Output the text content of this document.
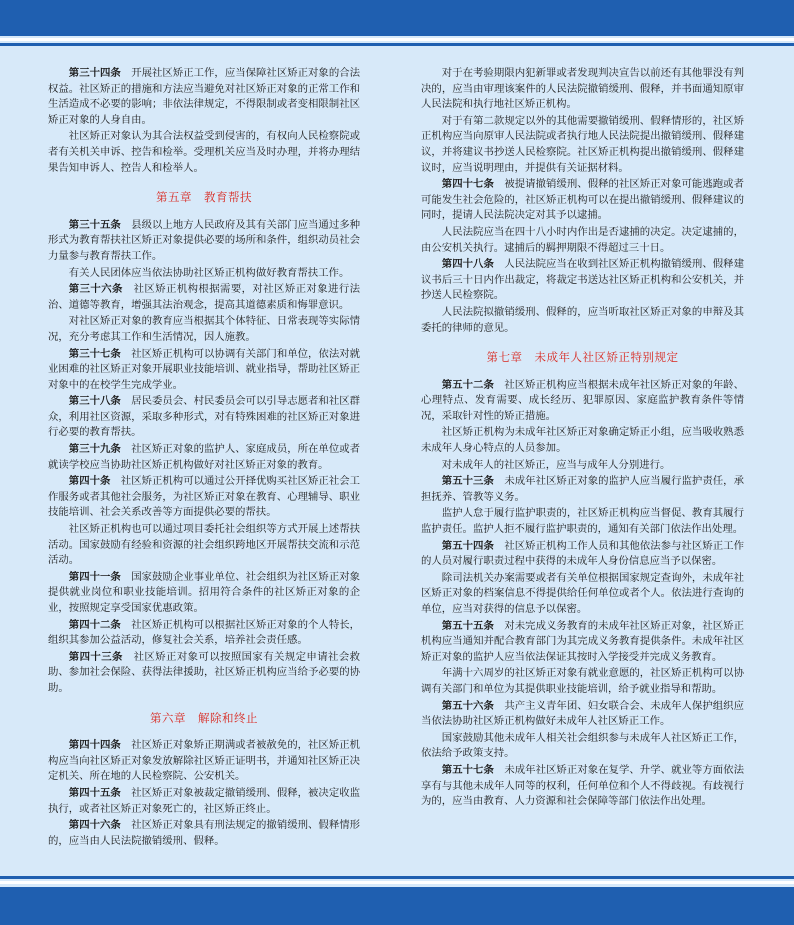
第三十四条　开展社区矫正工作，应当保障社区矫正对象的合法权益。社区矫正的措施和方法应当避免对社区矫正对象的正常工作和生活造成不必要的影响；非依法律规定，不得限制或者变相限制社区矫正对象的人身自由。

社区矫正对象认为其合法权益受到侵害的，有权向人民检察院或者有关机关申诉、控告和检举。受理机关应当及时办理，并将办理结果告知申诉人、控告人和检举人。

第五章　教育帮扶

第三十五条　县级以上地方人民政府及其有关部门应当通过多种形式为教育帮扶社区矫正对象提供必要的场所和条件，组织动员社会力量参与教育帮扶工作。

有关人民团体应当依法协助社区矫正机构做好教育帮扶工作。

第三十六条　社区矫正机构根据需要，对社区矫正对象进行法治、道德等教育，增强其法治观念，提高其道德素质和悔罪意识。

对社区矫正对象的教育应当根据其个体特征、日常表现等实际情况，充分考虑其工作和生活情况，因人施教。

第三十七条　社区矫正机构可以协调有关部门和单位，依法对就业困难的社区矫正对象开展职业技能培训、就业指导，帮助社区矫正对象中的在校学生完成学业。

第三十八条　居民委员会、村民委员会可以引导志愿者和社区群众，利用社区资源，采取多种形式，对有特殊困难的社区矫正对象进行必要的教育帮扶。

第三十九条　社区矫正对象的监护人、家庭成员，所在单位或者就读学校应当协助社区矫正机构做好对社区矫正对象的教育。

第四十条　社区矫正机构可以通过公开择优购买社区矫正社会工作服务或者其他社会服务，为社区矫正对象在教育、心理辅导、职业技能培训、社会关系改善等方面提供必要的帮扶。

社区矫正机构也可以通过项目委托社会组织等方式开展上述帮扶活动。国家鼓励有经验和资源的社会组织跨地区开展帮扶交流和示范活动。

第四十一条　国家鼓励企业事业单位、社会组织为社区矫正对象提供就业岗位和职业技能培训。招用符合条件的社区矫正对象的企业，按照规定享受国家优惠政策。

第四十二条　社区矫正机构可以根据社区矫正对象的个人特长，组织其参加公益活动，修复社会关系，培养社会责任感。

第四十三条　社区矫正对象可以按照国家有关规定申请社会救助、参加社会保险、获得法律援助，社区矫正机构应当给予必要的协助。

第六章　解除和终止

第四十四条　社区矫正对象矫正期满或者被赦免的，社区矫正机构应当向社区矫正对象发放解除社区矫正证明书，并通知社区矫正决定机关、所在地的人民检察院、公安机关。

第四十五条　社区矫正对象被裁定撤销缓刑、假释，被决定收监执行，或者社区矫正对象死亡的，社区矫正终止。

第四十六条　社区矫正对象具有刑法规定的撤销缓刑、假释情形的，应当由人民法院撤销缓刑、假释。

对于在考验期限内犯新罪或者发现判决宣告以前还有其他罪没有判决的，应当由审理该案件的人民法院撤销缓刑、假释，并书面通知原审人民法院和执行地社区矫正机构。

对于有第二款规定以外的其他需要撤销缓刑、假释情形的，社区矫正机构应当向原审人民法院或者执行地人民法院提出撤销缓刑、假释建议，并将建议书抄送人民检察院。社区矫正机构提出撤销缓刑、假释建议时，应当说明理由，并提供有关证据材料。

第四十七条　被提请撤销缓刑、假释的社区矫正对象可能逃跑或者可能发生社会危险的，社区矫正机构可以在提出撤销缓刑、假释建议的同时，提请人民法院决定对其予以逮捕。

人民法院应当在四十八小时内作出是否逮捕的决定。决定逮捕的，由公安机关执行。逮捕后的羁押期限不得超过三十日。

第四十八条　人民法院应当在收到社区矫正机构撤销缓刑、假释建议书后三十日内作出裁定，将裁定书送达社区矫正机构和公安机关，并抄送人民检察院。

人民法院拟撤销缓刑、假释的，应当听取社区矫正对象的申辩及其委托的律师的意见。

第七章　未成年人社区矫正特别规定

第五十二条　社区矫正机构应当根据未成年社区矫正对象的年龄、心理特点、发育需要、成长经历、犯罪原因、家庭监护教育条件等情况，采取针对性的矫正措施。

社区矫正机构为未成年社区矫正对象确定矫正小组，应当吸收熟悉未成年人身心特点的人员参加。

对未成年人的社区矫正，应当与成年人分别进行。

第五十三条　未成年社区矫正对象的监护人应当履行监护责任，承担抚养、管教等义务。

监护人怠于履行监护职责的，社区矫正机构应当督促、教育其履行监护责任。监护人拒不履行监护职责的，通知有关部门依法作出处理。

第五十四条　社区矫正机构工作人员和其他依法参与社区矫正工作的人员对履行职责过程中获得的未成年人身份信息应当予以保密。

除司法机关办案需要或者有关单位根据国家规定查询外，未成年社区矫正对象的档案信息不得提供给任何单位或者个人。依法进行查询的单位，应当对获得的信息予以保密。

第五十五条　对未完成义务教育的未成年社区矫正对象，社区矫正机构应当通知并配合教育部门为其完成义务教育提供条件。未成年社区矫正对象的监护人应当依法保证其按时入学接受并完成义务教育。

年满十六周岁的社区矫正对象有就业意愿的，社区矫正机构可以协调有关部门和单位为其提供职业技能培训，给予就业指导和帮助。

第五十六条　共产主义青年团、妇女联合会、未成年人保护组织应当依法协助社区矫正机构做好未成年人社区矫正工作。

国家鼓励其他未成年人相关社会组织参与未成年人社区矫正工作，依法给予政策支持。

第五十七条　未成年社区矫正对象在复学、升学、就业等方面依法享有与其他未成年人同等的权利，任何单位和个人不得歧视。有歧视行为的，应当由教育、人力资源和社会保障等部门依法作出处理。
